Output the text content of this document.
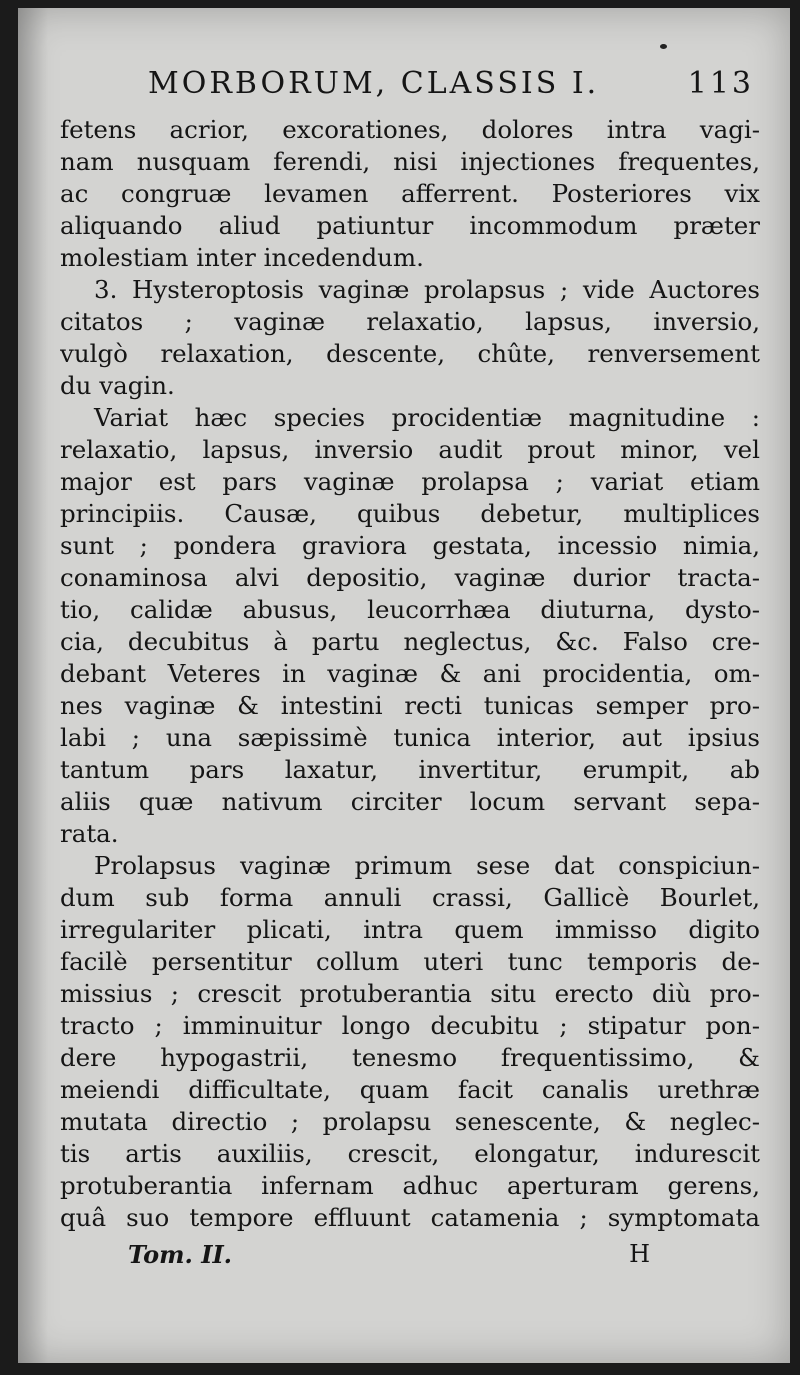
MORBORUM, CLASSIS I.	113
fetens acrior, excorationes, dolores intra vagi-
nam nusquam ferendi, nisi injectiones frequentes,
ac congruæ levamen afferrent. Posteriores vix
aliquando aliud patiuntur incommodum præter
molestiam inter incedendum.
3. Hysteroptosis vaginæ prolapsus ; vide Auctores
citatos ; vaginæ relaxatio, lapsus, inversio,
vulgò relaxation, descente, chûte, renversement
du vagin.
Variat hæc species procidentiæ magnitudine :
relaxatio, lapsus, inversio audit prout minor, vel
major est pars vaginæ prolapsa ; variat etiam
principiis. Causæ, quibus debetur, multiplices
sunt ; pondera graviora gestata, incessio nimia,
conaminosa alvi depositio, vaginæ durior tracta-
tio, calidæ abusus, leucorrhæa diuturna, dysto-
cia, decubitus à partu neglectus, &c. Falso cre-
debant Veteres in vaginæ & ani procidentia, om-
nes vaginæ & intestini recti tunicas semper pro-
labi ; una sæpissimè tunica interior, aut ipsius
tantum pars laxatur, invertitur, erumpit, ab
aliis quæ nativum circiter locum servant sepa-
rata.
Prolapsus vaginæ primum sese dat conspiciun-
dum sub forma annuli crassi, Gallicè Bourlet,
irregulariter plicati, intra quem immisso digito
facilè persentitur collum uteri tunc temporis de-
missius ; crescit protuberantia situ erecto diù pro-
tracto ; imminuitur longo decubitu ; stipatur pon-
dere hypogastrii, tenesmo frequentissimo, &
meiendi difficultate, quam facit canalis urethræ
mutata directio ; prolapsu senescente, & neglec-
tis artis auxiliis, crescit, elongatur, indurescit
protuberantia infernam adhuc aperturam gerens,
quâ suo tempore effluunt catamenia ; symptomata
Tom. II.	H
